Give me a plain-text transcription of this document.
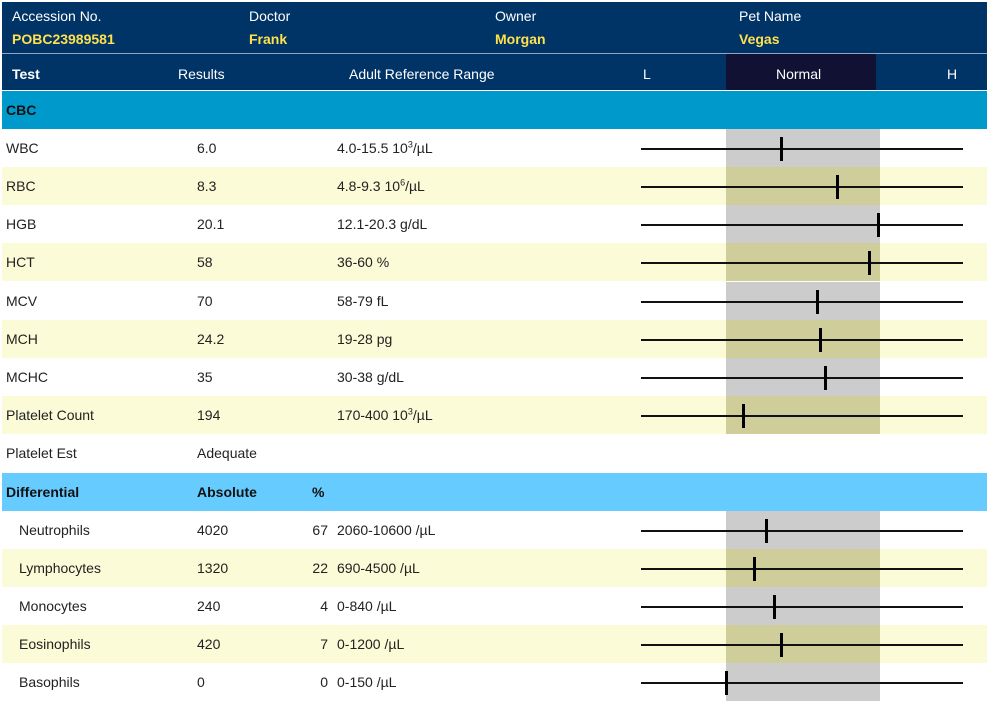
Accession No.
POBC23989581
Doctor
Frank
Owner
Morgan
Pet Name
Vegas
Test	Results	Adult Reference Range	L	Normal	H
CBC
WBC	6.0	4.0-15.5 $10^3/\mu L$
RBC	8.3	4.8-9.3 $10^6/\mu L$
HGB	20.1	12.1-20.3 g/dL
HCT	58	36-60 %
MCV	70	58-79 fL
MCH	24.2	19-28 pg
MCHC	35	30-38 g/dL
Platelet Count	194	170-400 $10^3/\mu L$
Platelet Est	Adequate
Differential	Absolute	%
Neutrophils	4020	67 2060-10600 /µL
Lymphocytes	1320	22 690-4500 /µL
Monocytes	240	4 0-840 /µL
Eosinophils	420	7 0-1200 /µL
Basophils	0	0 0-150 /µL
